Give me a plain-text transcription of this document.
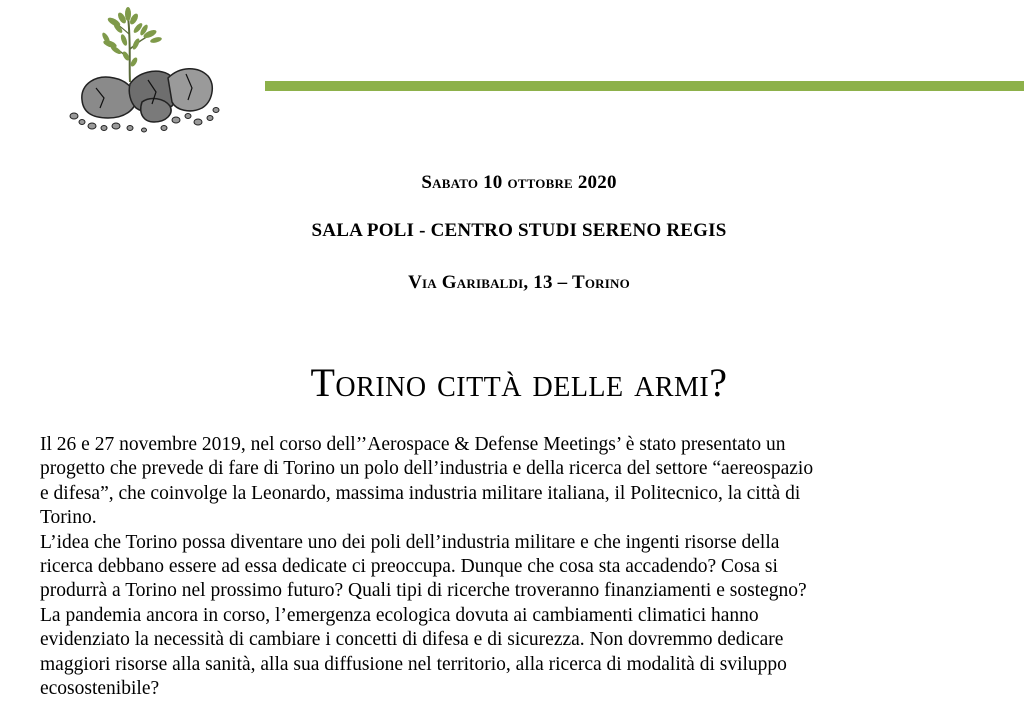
Sabato 10 ottobre 2020
SALA POLI - CENTRO STUDI SERENO REGIS
Via Garibaldi, 13 – Torino
Torino città delle armi?
Il 26 e 27 novembre 2019, nel corso dell’’Aerospace & Defense Meetings’ è stato presentato un
progetto che prevede di fare di Torino un polo dell’industria e della ricerca del settore “aereospazio
e difesa”, che coinvolge la Leonardo, massima industria militare italiana, il Politecnico, la città di
Torino.
L’idea che Torino possa diventare uno dei poli dell’industria militare e che ingenti risorse della
ricerca debbano essere ad essa dedicate ci preoccupa. Dunque che cosa sta accadendo? Cosa si
produrrà a Torino nel prossimo futuro? Quali tipi di ricerche troveranno finanziamenti e sostegno?
La pandemia ancora in corso, l’emergenza ecologica dovuta ai cambiamenti climatici hanno
evidenziato la necessità di cambiare i concetti di difesa e di sicurezza. Non dovremmo dedicare
maggiori risorse alla sanità, alla sua diffusione nel territorio, alla ricerca di modalità di sviluppo
ecosostenibile?
